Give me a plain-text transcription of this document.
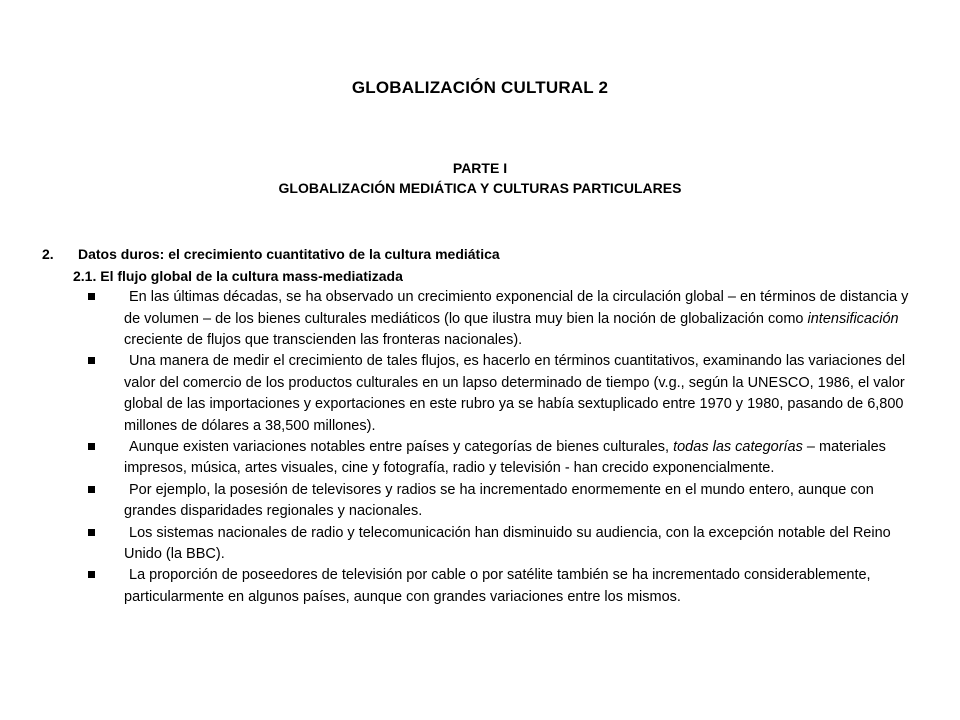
GLOBALIZACIÓN CULTURAL 2
PARTE I
GLOBALIZACIÓN MEDIÁTICA Y CULTURAS PARTICULARES
2.	Datos duros: el crecimiento cuantitativo de la cultura mediática
2.1. El flujo global de la cultura mass-mediatizada
En las últimas décadas, se ha observado un crecimiento exponencial de la circulación global – en términos de distancia y de volumen – de los bienes culturales mediáticos (lo que ilustra muy bien la noción de globalización como intensificación creciente de flujos que transcienden las fronteras nacionales).
Una manera de medir el crecimiento de tales flujos, es hacerlo en términos cuantitativos, examinando las variaciones del valor del comercio de los productos culturales en un lapso determinado de tiempo (v.g., según la UNESCO, 1986, el valor global de las importaciones y exportaciones en este rubro ya se había sextuplicado entre 1970 y 1980, pasando de 6,800 millones de dólares a 38,500 millones).
Aunque existen variaciones notables entre países y categorías de bienes culturales, todas las categorías – materiales impresos, música, artes visuales, cine y fotografía, radio y televisión - han crecido exponencialmente.
Por ejemplo, la posesión de televisores y radios se ha incrementado enormemente en el mundo entero, aunque con grandes disparidades regionales y nacionales.
Los sistemas nacionales de radio y telecomunicación han disminuido su audiencia, con la excepción notable del Reino Unido (la BBC).
La proporción de poseedores de televisión por cable o por satélite también se ha incrementado considerablemente, particularmente en algunos países, aunque con grandes variaciones entre los mismos.
